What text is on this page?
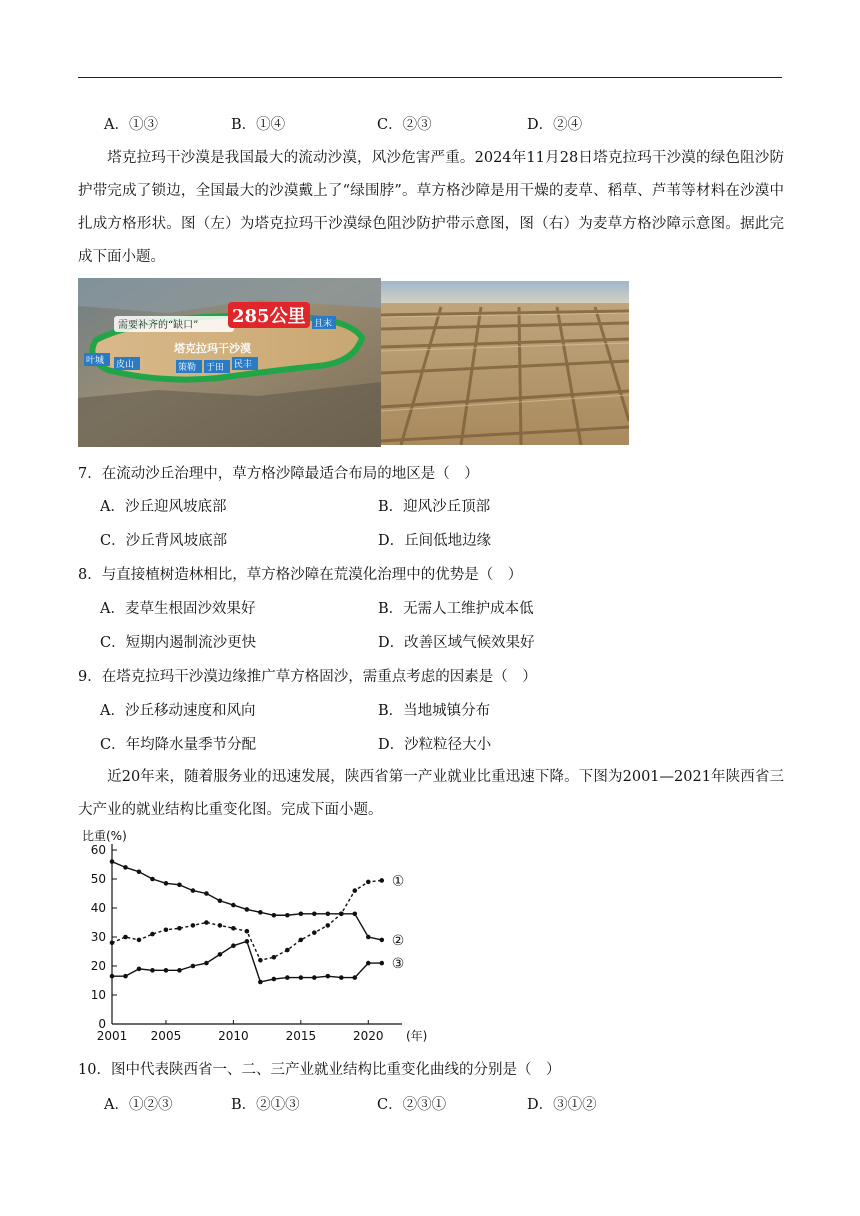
A．①③	B．①④	C．②③	D．②④
塔克拉玛干沙漠是我国最大的流动沙漠，风沙危害严重。2024年11月28日塔克拉玛干沙漠的绿色阻沙防护带完成了锁边，全国最大的沙漠戴上了“绿围脖”。草方格沙障是用干燥的麦草、稻草、芦苇等材料在沙漠中扎成方格形状。图（左）为塔克拉玛干沙漠绿色阻沙防护带示意图，图（右）为麦草方格沙障示意图。据此完成下面小题。
需要补齐的“缺口” 285公里
塔克拉玛干沙漠
叶城 皮山	策勒 于田 民丰
且末
7．在流动沙丘治理中，草方格沙障最适合布局的地区是（　）
A．沙丘迎风坡底部	B．迎风沙丘顶部
C．沙丘背风坡底部	D．丘间低地边缘
8．与直接植树造林相比，草方格沙障在荒漠化治理中的优势是（　）
A．麦草生根固沙效果好	B．无需人工维护成本低
C．短期内遏制流沙更快	D．改善区域气候效果好
9．在塔克拉玛干沙漠边缘推广草方格固沙，需重点考虑的因素是（　）
A．沙丘移动速度和风向	B．当地城镇分布
C．年均降水量季节分配	D．沙粒粒径大小
近20年来，随着服务业的迅速发展，陕西省第一产业就业比重迅速下降。下图为2001—2021年陕西省三大产业的就业结构比重变化图。完成下面小题。
比重(%)
0
10
20
30
40
50
60
2001 2005	2010	2015	2020 (年)
①
②
③
10．图中代表陕西省一、二、三产业就业结构比重变化曲线的分别是（　）
A．①②③	B．②①③	C．②③①	D．③①②
